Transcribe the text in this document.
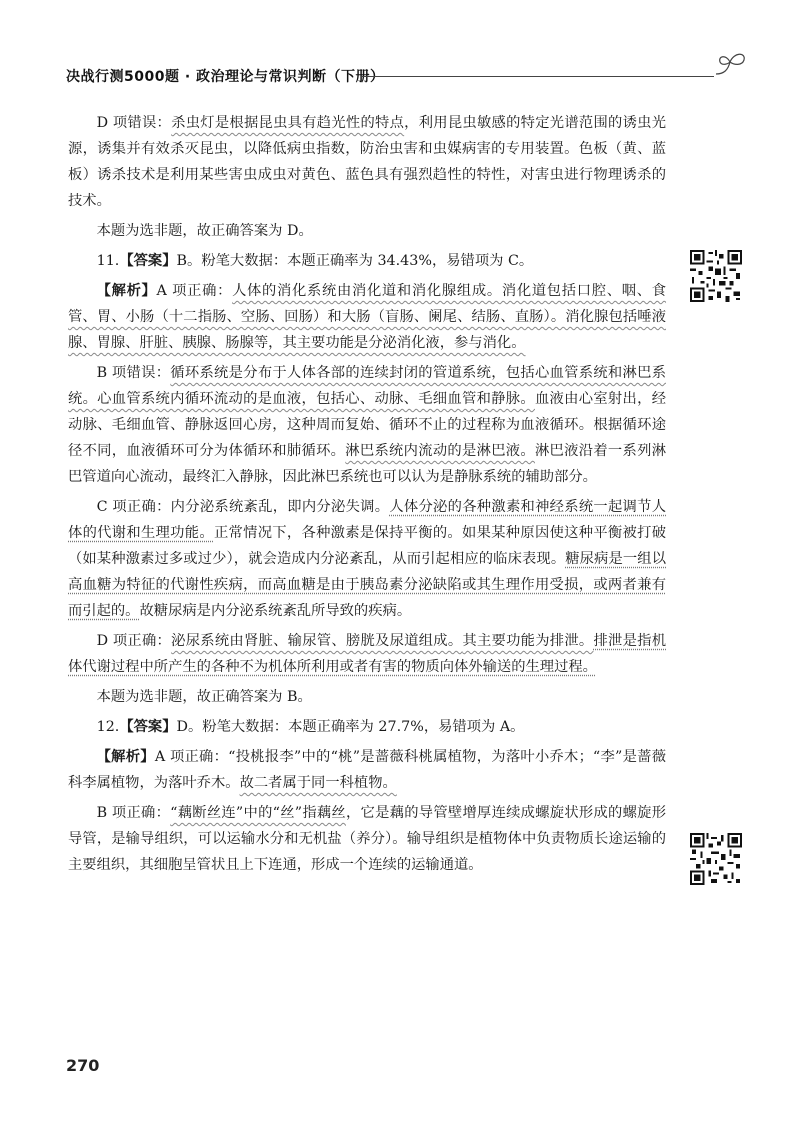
决战行测5000题 · 政治理论与常识判断（下册）

D 项错误：杀虫灯是根据昆虫具有趋光性的特点，利用昆虫敏感的特定光谱范围的诱虫光源，诱集并有效杀灭昆虫，以降低病虫指数，防治虫害和虫媒病害的专用装置。色板（黄、蓝板）诱杀技术是利用某些害虫成虫对黄色、蓝色具有强烈趋性的特性，对害虫进行物理诱杀的技术。

本题为选非题，故正确答案为 D。

11.【答案】B。粉笔大数据：本题正确率为 34.43%，易错项为 C。

【解析】A 项正确：人体的消化系统由消化道和消化腺组成。消化道包括口腔、咽、食管、胃、小肠（十二指肠、空肠、回肠）和大肠（盲肠、阑尾、结肠、直肠）。消化腺包括唾液腺、胃腺、肝脏、胰腺、肠腺等，其主要功能是分泌消化液，参与消化。

B 项错误：循环系统是分布于人体各部的连续封闭的管道系统，包括心血管系统和淋巴系统。心血管系统内循环流动的是血液，包括心、动脉、毛细血管和静脉。血液由心室射出，经动脉、毛细血管、静脉返回心房，这种周而复始、循环不止的过程称为血液循环。根据循环途径不同，血液循环可分为体循环和肺循环。淋巴系统内流动的是淋巴液。淋巴液沿着一系列淋巴管道向心流动，最终汇入静脉，因此淋巴系统也可以认为是静脉系统的辅助部分。

C 项正确：内分泌系统紊乱，即内分泌失调。人体分泌的各种激素和神经系统一起调节人体的代谢和生理功能。正常情况下，各种激素是保持平衡的。如果某种原因使这种平衡被打破（如某种激素过多或过少），就会造成内分泌紊乱，从而引起相应的临床表现。糖尿病是一组以高血糖为特征的代谢性疾病，而高血糖是由于胰岛素分泌缺陷或其生理作用受损，或两者兼有而引起的。故糖尿病是内分泌系统紊乱所导致的疾病。

D 项正确：泌尿系统由肾脏、输尿管、膀胱及尿道组成。其主要功能为排泄。排泄是指机体代谢过程中所产生的各种不为机体所利用或者有害的物质向体外输送的生理过程。

本题为选非题，故正确答案为 B。

12.【答案】D。粉笔大数据：本题正确率为 27.7%，易错项为 A。

【解析】A 项正确：“投桃报李”中的“桃”是蔷薇科桃属植物，为落叶小乔木；“李”是蔷薇科李属植物，为落叶乔木。故二者属于同一科植物。

B 项正确：“藕断丝连”中的“丝”指藕丝，它是藕的导管壁增厚连续成螺旋状形成的螺旋形导管，是输导组织，可以运输水分和无机盐（养分）。输导组织是植物体中负责物质长途运输的主要组织，其细胞呈管状且上下连通，形成一个连续的运输通道。

270
